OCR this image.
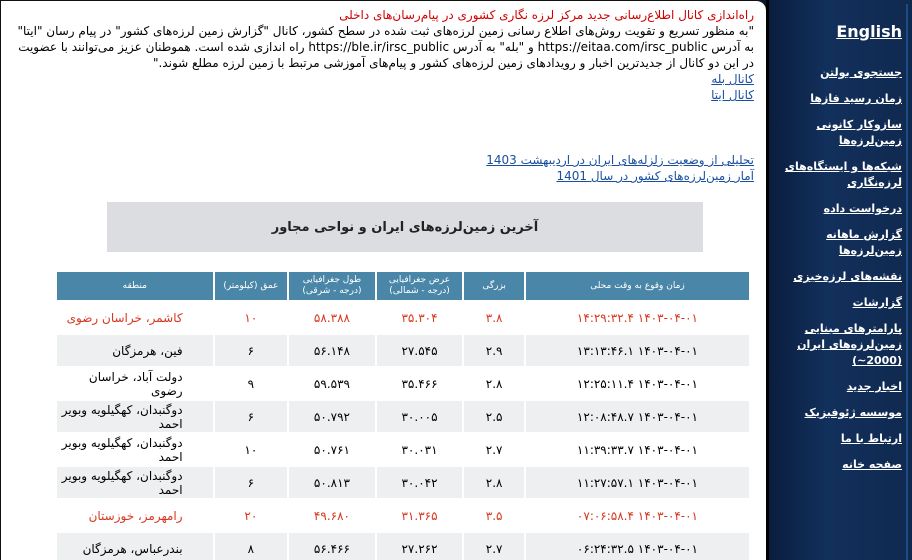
راه‌اندازی کانال اطلاع‌رسانی جدید مرکز لرزه نگاری کشوری در پیام‌رسان‌های داخلی
"به منظور تسریع و تقویت روش‌های اطلاع رسانی زمین لرزه‌های ثبت شده در سطح کشور، کانال "گزارش زمین لرزه‌های کشور" در پیام رسان "ایتا" به آدرس https://eitaa.com/irsc_public و "بله" به آدرس https://ble.ir/irsc_public راه اندازی شده است. هموطنان عزیز می‌توانند با عضویت در این دو کانال از جدیدترین اخبار و رویدادهای زمین لرزه‌های کشور و پیام‌های آموزشی مرتبط با زمین لرزه مطلع شوند."
کانال بله
کانال ایتا
تحلیلی از وضعیت زلزله‌های ایران در اردیبهشت 1403
آمار زمین‌لرزه‌های کشور در سال 1401
آخرین زمین‌لرزه‌های ایران و نواحی مجاور
منطقه	عمق (کیلومتر)	طول جغرافیایی (درجه - شرقی)	عرض جغرافیایی (درجه - شمالی)	بزرگی	زمان وقوع به وقت محلی
کاشمر، خراسان رضوی	۱۰	۵۸.۳۸۸	۳۵.۳۰۴	۳.۸	۱۴۰۳-۰۴-۰۱ ۱۴:۲۹:۳۲.۴
فین، هرمزگان	۶	۵۶.۱۴۸	۲۷.۵۴۵	۲.۹	۱۴۰۳-۰۴-۰۱ ۱۳:۱۳:۴۶.۱
دولت آباد، خراسان رضوی	۹	۵۹.۵۳۹	۳۵.۴۶۶	۲.۸	۱۴۰۳-۰۴-۰۱ ۱۲:۲۵:۱۱.۴
دوگنبدان، کهگیلویه وبویر احمد	۶	۵۰.۷۹۲	۳۰.۰۰۵	۲.۵	۱۴۰۳-۰۴-۰۱ ۱۲:۰۸:۴۸.۷
دوگنبدان، کهگیلویه وبویر احمد	۱۰	۵۰.۷۶۱	۳۰.۰۳۱	۲.۷	۱۴۰۳-۰۴-۰۱ ۱۱:۳۹:۳۳.۷
دوگنبدان، کهگیلویه وبویر احمد	۶	۵۰.۸۱۳	۳۰.۰۴۲	۲.۸	۱۴۰۳-۰۴-۰۱ ۱۱:۲۷:۵۷.۱
رامهرمز، خوزستان	۲۰	۴۹.۶۸۰	۳۱.۳۶۵	۳.۵	۱۴۰۳-۰۴-۰۱ ۰۷:۰۶:۵۸.۴
بندرعباس، هرمزگان	۸	۵۶.۴۶۶	۲۷.۲۶۲	۲.۷	۱۴۰۳-۰۴-۰۱ ۰۶:۲۴:۳۲.۵
English
جستجوی بولتن
زمان رسید فازها
سازوکار کانونی زمین‌لرزه‌ها
شبکه‌ها و ایستگاه‌های لرزه‌نگاری
درخواست داده
گزارش ماهانه زمین‌لرزه‌ها
نقشه‌های لرزه‌خیزی
گزارشات
پارامترهای مبنایی زمین‌لرزه‌های ایران (2000~)
اخبار جدید
موسسه ژئوفیزیک
ارتباط با ما
صفحه خانه
